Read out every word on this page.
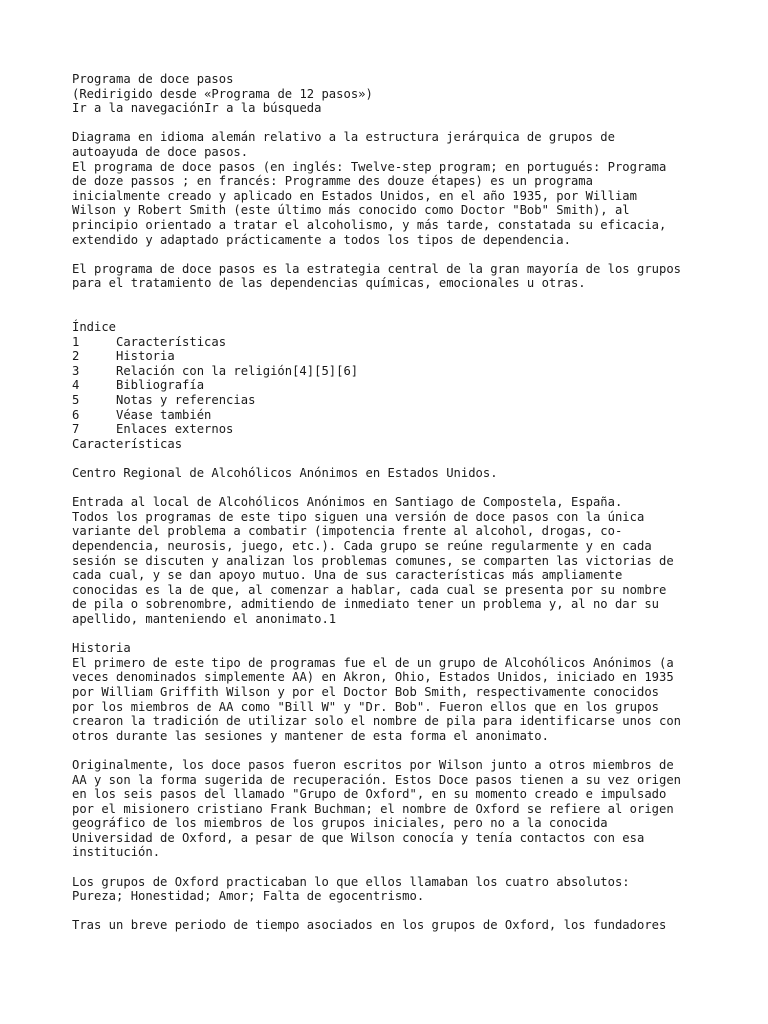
Programa de doce pasos
(Redirigido desde «Programa de 12 pasos»)
Ir a la navegaciónIr a la búsqueda
Diagrama en idioma alemán relativo a la estructura jerárquica de grupos de
autoayuda de doce pasos.
El programa de doce pasos (en inglés: Twelve-step program; en portugués: Programa
de doze passos ; en francés: Programme des douze étapes) es un programa
inicialmente creado y aplicado en Estados Unidos, en el año 1935, por William
Wilson y Robert Smith (este último más conocido como Doctor "Bob" Smith), al
principio orientado a tratar el alcoholismo, y más tarde, constatada su eficacia,
extendido y adaptado prácticamente a todos los tipos de dependencia.
El programa de doce pasos es la estrategia central de la gran mayoría de los grupos
para el tratamiento de las dependencias químicas, emocionales u otras.
Índice
1	Características
2	Historia
3	Relación con la religión[4][5][6]
4	Bibliografía
5	Notas y referencias
6	Véase también
7	Enlaces externos
Características
Centro Regional de Alcohólicos Anónimos en Estados Unidos.
Entrada al local de Alcohólicos Anónimos en Santiago de Compostela, España.
Todos los programas de este tipo siguen una versión de doce pasos con la única
variante del problema a combatir (impotencia frente al alcohol, drogas, co-
dependencia, neurosis, juego, etc.). Cada grupo se reúne regularmente y en cada
sesión se discuten y analizan los problemas comunes, se comparten las victorias de
cada cual, y se dan apoyo mutuo. Una de sus características más ampliamente
conocidas es la de que, al comenzar a hablar, cada cual se presenta por su nombre
de pila o sobrenombre, admitiendo de inmediato tener un problema y, al no dar su
apellido, manteniendo el anonimato.1
Historia
El primero de este tipo de programas fue el de un grupo de Alcohólicos Anónimos (a
veces denominados simplemente AA) en Akron, Ohio, Estados Unidos, iniciado en 1935
por William Griffith Wilson y por el Doctor Bob Smith, respectivamente conocidos
por los miembros de AA como "Bill W" y "Dr. Bob". Fueron ellos que en los grupos
crearon la tradición de utilizar solo el nombre de pila para identificarse unos con
otros durante las sesiones y mantener de esta forma el anonimato.
Originalmente, los doce pasos fueron escritos por Wilson junto a otros miembros de
AA y son la forma sugerida de recuperación. Estos Doce pasos tienen a su vez origen
en los seis pasos del llamado "Grupo de Oxford", en su momento creado e impulsado
por el misionero cristiano Frank Buchman; el nombre de Oxford se refiere al origen
geográfico de los miembros de los grupos iniciales, pero no a la conocida
Universidad de Oxford, a pesar de que Wilson conocía y tenía contactos con esa
institución.
Los grupos de Oxford practicaban lo que ellos llamaban los cuatro absolutos:
Pureza; Honestidad; Amor; Falta de egocentrismo.
Tras un breve periodo de tiempo asociados en los grupos de Oxford, los fundadores
